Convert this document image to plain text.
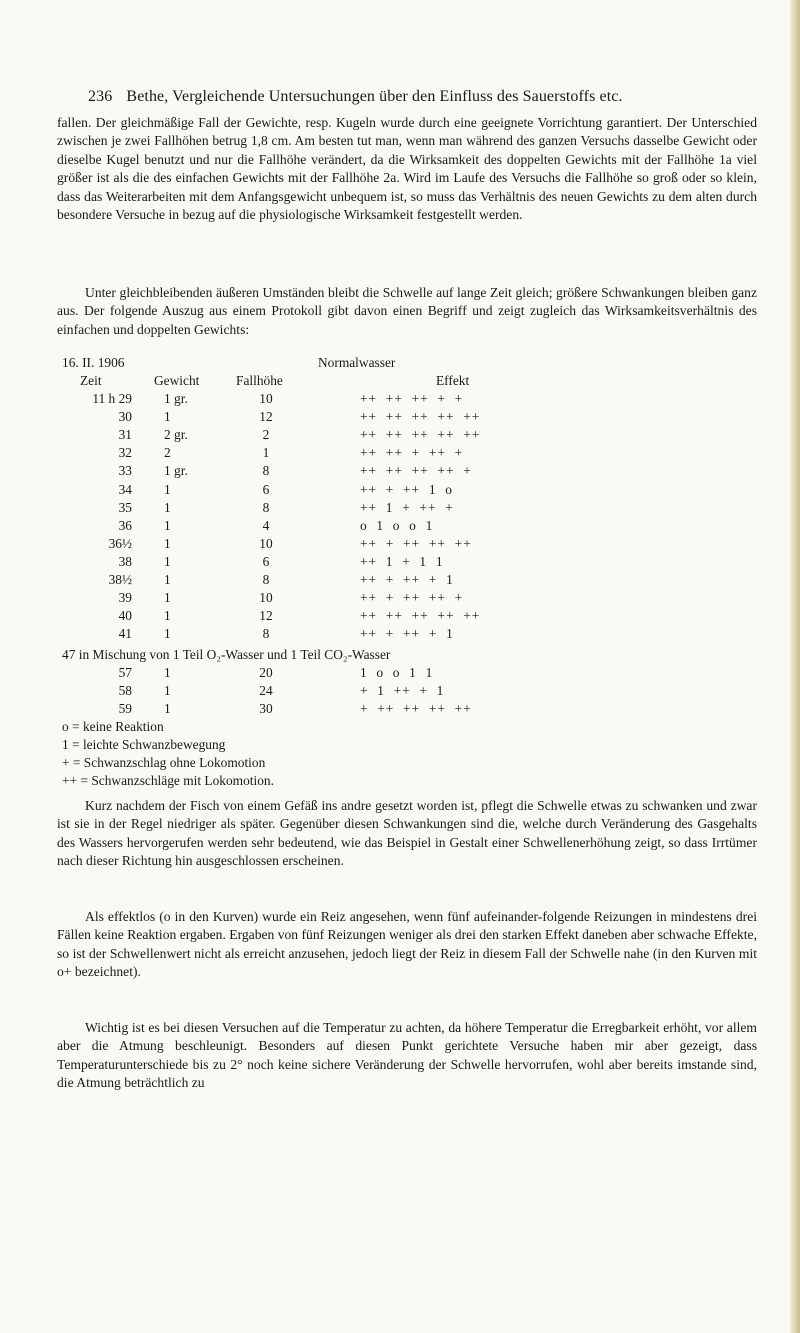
236 Bethe, Vergleichende Untersuchungen über den Einfluss des Sauerstoffs etc.

fallen. Der gleichmäßige Fall der Gewichte, resp. Kugeln wurde durch eine geeignete Vorrichtung garantiert. Der Unterschied zwischen je zwei Fallhöhen betrug 1,8 cm. Am besten tut man, wenn man während des ganzen Versuchs dasselbe Gewicht oder dieselbe Kugel benutzt und nur die Fallhöhe verändert, da die Wirksamkeit des doppelten Gewichts mit der Fallhöhe 1a viel größer ist als die des einfachen Gewichts mit der Fallhöhe 2a. Wird im Laufe des Versuchs die Fallhöhe so groß oder so klein, dass das Weiterarbeiten mit dem Anfangsgewicht unbequem ist, so muss das Verhältnis des neuen Gewichts zu dem alten durch besondere Versuche in bezug auf die physiologische Wirksamkeit festgestellt werden.

Unter gleichbleibenden äußeren Umständen bleibt die Schwelle auf lange Zeit gleich; größere Schwankungen bleiben ganz aus. Der folgende Auszug aus einem Protokoll gibt davon einen Begriff und zeigt zugleich das Wirksamkeitsverhältnis des einfachen und doppelten Gewichts:

16. II. 1906	Normalwasser
Zeit	Gewicht	Fallhöhe	Effekt
47 in Mischung von 1 Teil O₂-Wasser und 1 Teil CO₂-Wasser
o = keine Reaktion
1 = leichte Schwanzbewegung
+ = Schwanzschlag ohne Lokomotion
++ = Schwanzschläge mit Lokomotion.
11 h 29 1 gr.	10	++  ++  ++  +  +
30 1	12	++  ++  ++  ++  ++
31 2 gr.	2	++  ++  ++  ++  ++
32 2	1	++  ++  +  ++  +
33 1 gr.	8	++  ++  ++  ++  +
34 1	6	++  +  ++  1  o
35 1	8	++  1  +  ++  +
36 1	4	o  1  o  o  1
36½ 1	10	++  +  ++  ++  ++
38 1	6	++  1  +  1  1
38½ 1	8	++  +  ++  +  1
39 1	10	++  +  ++  ++  +
40 1	12	++  ++  ++  ++  ++
41 1	8	++  +  ++  +  1
57 1	20	1  o  o  1  1
58 1	24	+  1  ++  +  1
59 1	30	+  ++  ++  ++  ++

Kurz nachdem der Fisch von einem Gefäß ins andre gesetzt worden ist, pflegt die Schwelle etwas zu schwanken und zwar ist sie in der Regel niedriger als später. Gegenüber diesen Schwankungen sind die, welche durch Veränderung des Gasgehalts des Wassers hervorgerufen werden sehr bedeutend, wie das Beispiel in Gestalt einer Schwellenerhöhung zeigt, so dass Irrtümer nach dieser Richtung hin ausgeschlossen erscheinen.

Als effektlos (o in den Kurven) wurde ein Reiz angesehen, wenn fünf aufeinander-folgende Reizungen in mindestens drei Fällen keine Reaktion ergaben. Ergaben von fünf Reizungen weniger als drei den starken Effekt daneben aber schwache Effekte, so ist der Schwellenwert nicht als erreicht anzusehen, jedoch liegt der Reiz in diesem Fall der Schwelle nahe (in den Kurven mit o+ bezeichnet).

Wichtig ist es bei diesen Versuchen auf die Temperatur zu achten, da höhere Temperatur die Erregbarkeit erhöht, vor allem aber die Atmung beschleunigt. Besonders auf diesen Punkt gerichtete Versuche haben mir aber gezeigt, dass Temperaturunterschiede bis zu 2° noch keine sichere Veränderung der Schwelle hervorrufen, wohl aber bereits imstande sind, die Atmung beträchtlich zu
